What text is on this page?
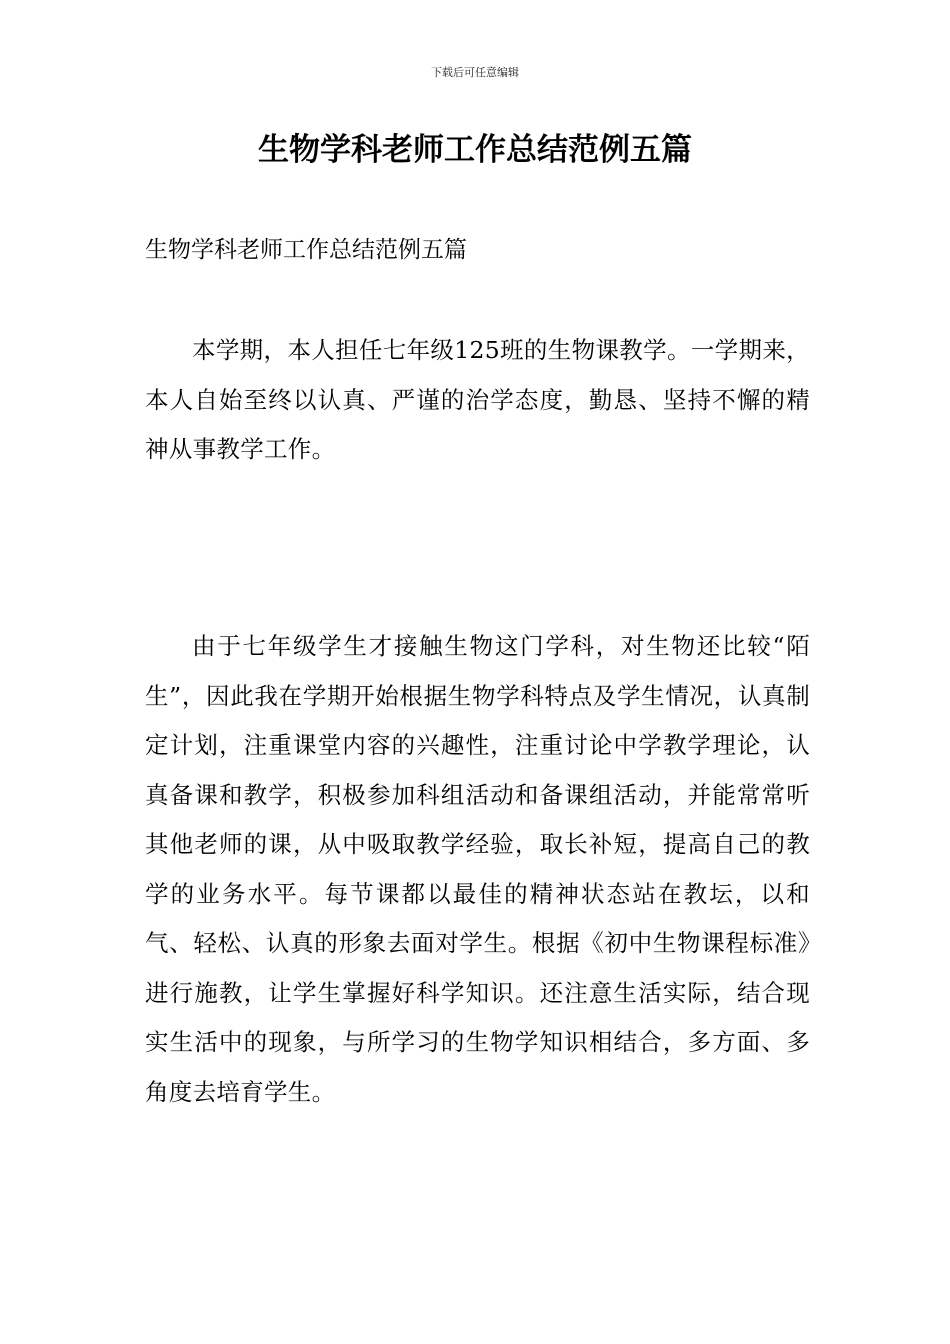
下载后可任意编辑
生物学科老师工作总结范例五篇

生物学科老师工作总结范例五篇

本学期，本人担任七年级125班的生物课教学。一学期来，本人自始至终以认真、严谨的治学态度，勤恳、坚持不懈的精神从事教学工作。

由于七年级学生才接触生物这门学科，对生物还比较“陌生”，因此我在学期开始根据生物学科特点及学生情况，认真制定计划，注重课堂内容的兴趣性，注重讨论中学教学理论，认真备课和教学，积极参加科组活动和备课组活动，并能常常听其他老师的课，从中吸取教学经验，取长补短，提高自己的教学的业务水平。每节课都以最佳的精神状态站在教坛，以和气、轻松、认真的形象去面对学生。根据《初中生物课程标准》进行施教，让学生掌握好科学知识。还注意生活实际，结合现实生活中的现象，与所学习的生物学知识相结合，多方面、多角度去培育学生。
